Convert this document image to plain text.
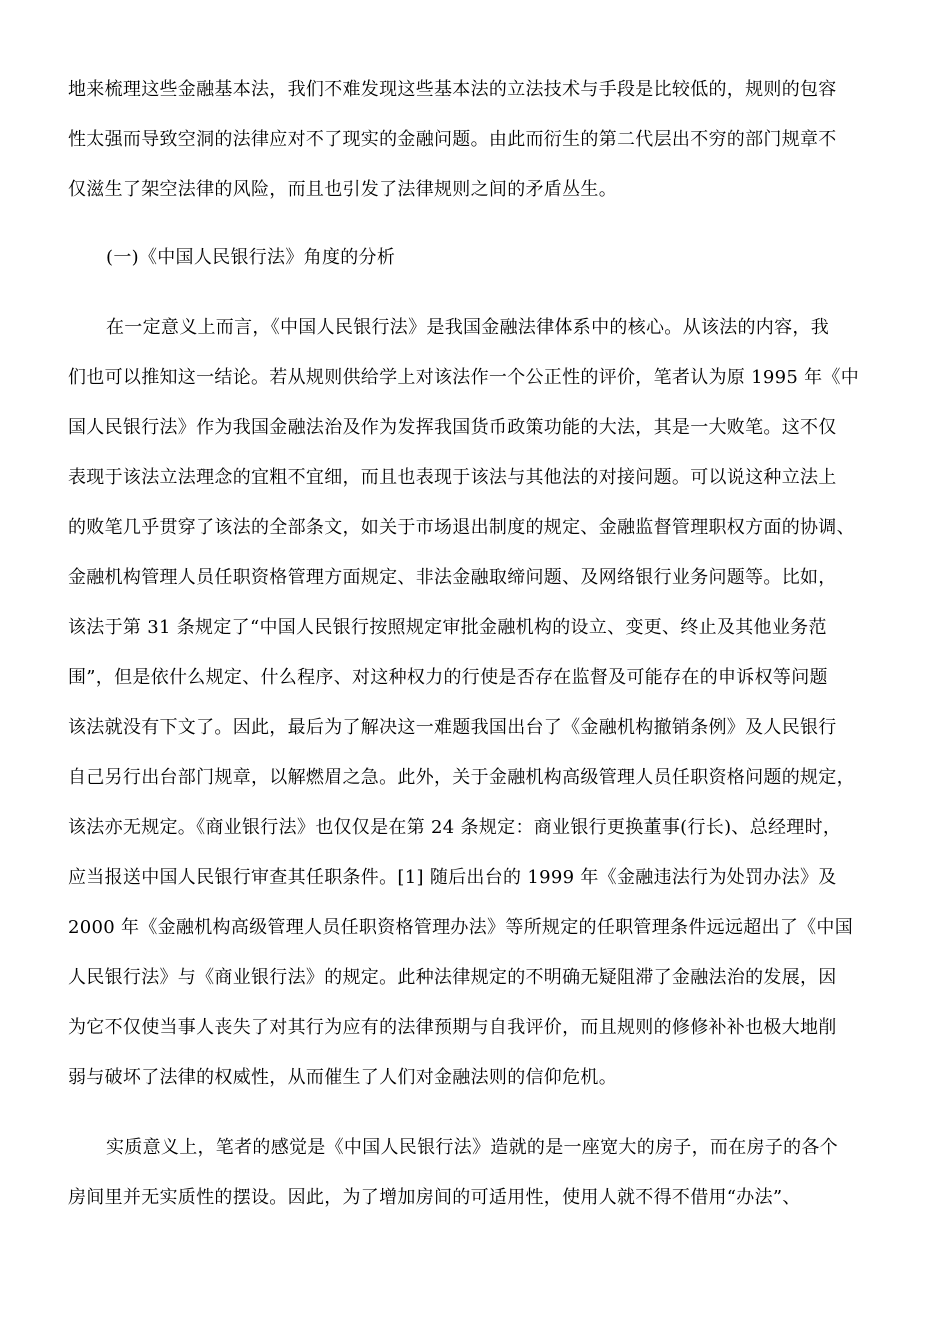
地来梳理这些金融基本法，我们不难发现这些基本法的立法技术与手段是比较低的，规则的包容

性太强而导致空洞的法律应对不了现实的金融问题。由此而衍生的第二代层出不穷的部门规章不

仅滋生了架空法律的风险，而且也引发了法律规则之间的矛盾丛生。

(一)《中国人民银行法》角度的分析

在一定意义上而言，《中国人民银行法》是我国金融法律体系中的核心。从该法的内容，我

们也可以推知这一结论。若从规则供给学上对该法作一个公正性的评价，笔者认为原 1995 年《中

国人民银行法》作为我国金融法治及作为发挥我国货币政策功能的大法，其是一大败笔。这不仅

表现于该法立法理念的宜粗不宜细，而且也表现于该法与其他法的对接问题。可以说这种立法上

的败笔几乎贯穿了该法的全部条文，如关于市场退出制度的规定、金融监督管理职权方面的协调、

金融机构管理人员任职资格管理方面规定、非法金融取缔问题、及网络银行业务问题等。比如，

该法于第 31 条规定了“中国人民银行按照规定审批金融机构的设立、变更、终止及其他业务范

围”，但是依什么规定、什么程序、对这种权力的行使是否存在监督及可能存在的申诉权等问题

该法就没有下文了。因此，最后为了解决这一难题我国出台了《金融机构撤销条例》及人民银行

自己另行出台部门规章，以解燃眉之急。此外，关于金融机构高级管理人员任职资格问题的规定，

该法亦无规定。《商业银行法》也仅仅是在第 24 条规定：商业银行更换董事(行长)、总经理时，

应当报送中国人民银行审查其任职条件。[1] 随后出台的 1999 年《金融违法行为处罚办法》及

2000 年《金融机构高级管理人员任职资格管理办法》等所规定的任职管理条件远远超出了《中国

人民银行法》与《商业银行法》的规定。此种法律规定的不明确无疑阻滞了金融法治的发展，因

为它不仅使当事人丧失了对其行为应有的法律预期与自我评价，而且规则的修修补补也极大地削

弱与破坏了法律的权威性，从而催生了人们对金融法则的信仰危机。

实质意义上，笔者的感觉是《中国人民银行法》造就的是一座宽大的房子，而在房子的各个

房间里并无实质性的摆设。因此，为了增加房间的可适用性，使用人就不得不借用“办法”、
